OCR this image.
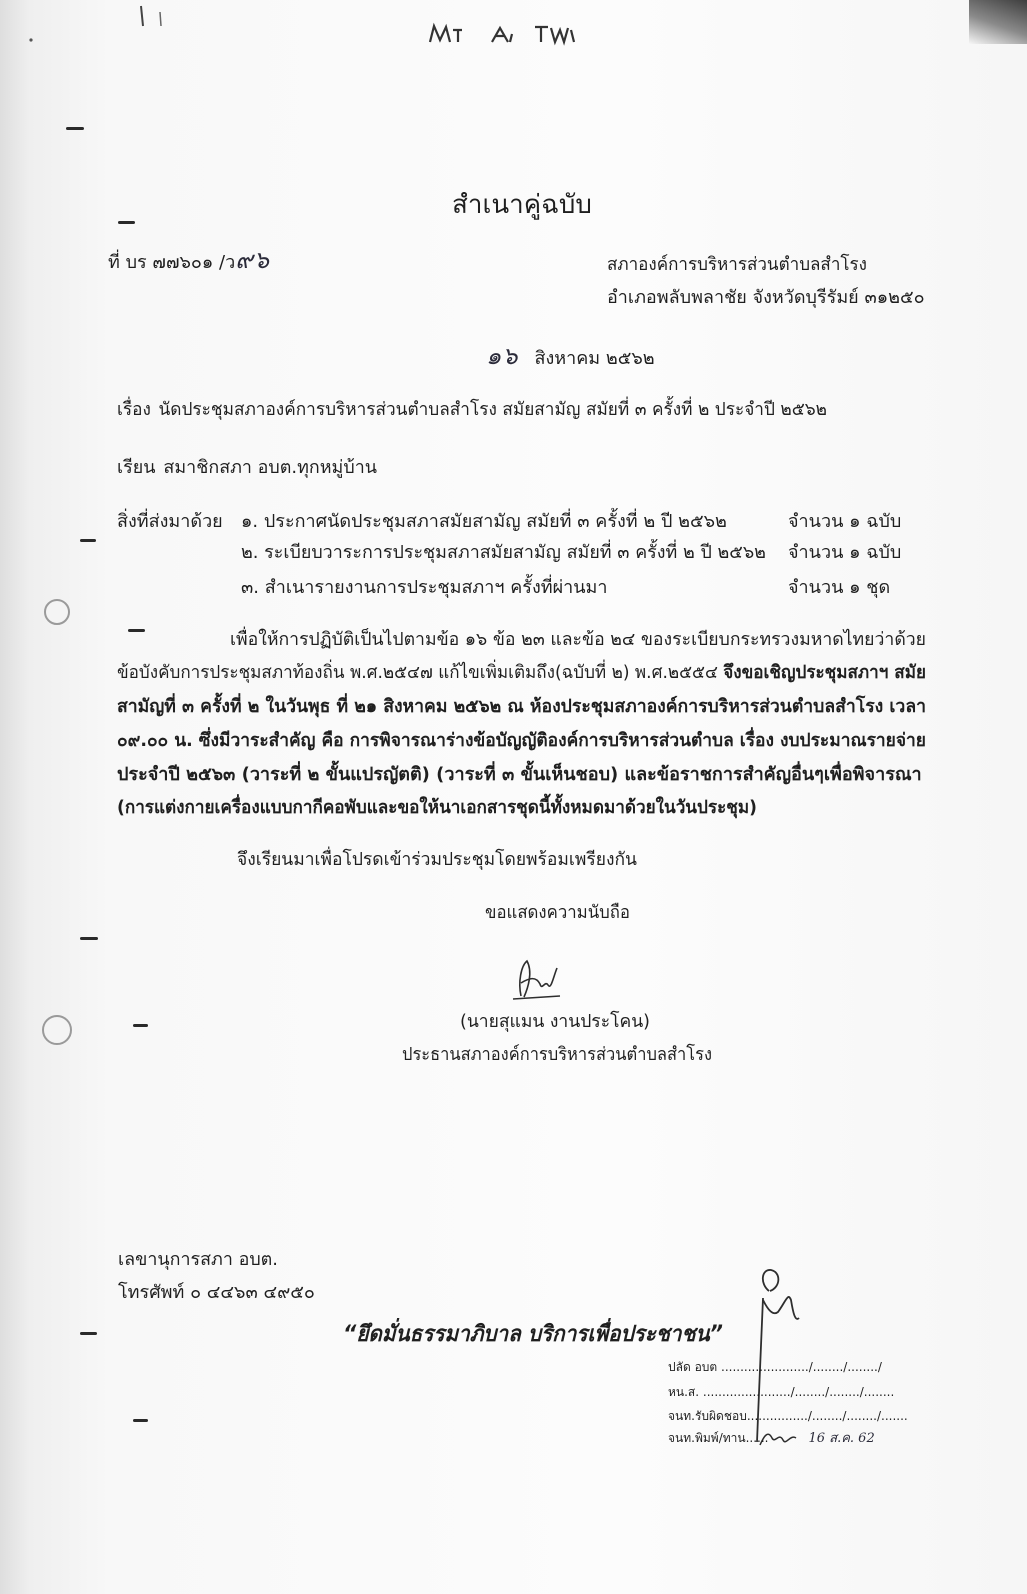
สำเนาคู่ฉบับ
ที่ บร ๗๗๖๐๑ /ว๙๖	สภาองค์การบริหารส่วนตำบลสำโรง
อำเภอพลับพลาชัย จังหวัดบุรีรัมย์ ๓๑๒๕๐
๑๖ สิงหาคม ๒๕๖๒
เรื่อง นัดประชุมสภาองค์การบริหารส่วนตำบลสำโรง สมัยสามัญ สมัยที่ ๓ ครั้งที่ ๒ ประจำปี ๒๕๖๒
เรียน สมาชิกสภา อบต.ทุกหมู่บ้าน
สิ่งที่ส่งมาด้วย	๑. ประกาศนัดประชุมสภาสมัยสามัญ สมัยที่ ๓ ครั้งที่ ๒ ปี ๒๕๖๒	จำนวน ๑ ฉบับ
๒. ระเบียบวาระการประชุมสภาสมัยสามัญ สมัยที่ ๓ ครั้งที่ ๒ ปี ๒๕๖๒ จำนวน ๑ ฉบับ
๓. สำเนารายงานการประชุมสภาฯ ครั้งที่ผ่านมา	จำนวน ๑ ชุด
เพื่อให้การปฏิบัติเป็นไปตามข้อ ๑๖ ข้อ ๒๓ และข้อ ๒๔ ของระเบียบกระทรวงมหาดไทยว่าด้วย
ข้อบังคับการประชุมสภาท้องถิ่น พ.ศ.๒๕๔๗ แก้ไขเพิ่มเติมถึง(ฉบับที่ ๒) พ.ศ.๒๕๕๔ จึงขอเชิญประชุมสภาฯ สมัย
สามัญที่ ๓ ครั้งที่ ๒ ในวันพุธ ที่ ๒๑ สิงหาคม ๒๕๖๒ ณ ห้องประชุมสภาองค์การบริหารส่วนตำบลสำโรง เวลา
๐๙.๐๐ น. ซึ่งมีวาระสำคัญ คือ การพิจารณาร่างข้อบัญญัติองค์การบริหารส่วนตำบล เรื่อง งบประมาณรายจ่าย
ประจำปี ๒๕๖๓ (วาระที่ ๒ ขั้นแปรญัตติ) (วาระที่ ๓ ขั้นเห็นชอบ) และข้อราชการสำคัญอื่นๆเพื่อพิจารณา
(การแต่งกายเครื่องแบบกากีคอพับและขอให้นาเอกสารชุดนี้ทั้งหมดมาด้วยในวันประชุม)
จึงเรียนมาเพื่อโปรดเข้าร่วมประชุมโดยพร้อมเพรียงกัน
ขอแสดงความนับถือ
(นายสุแมน งานประโคน)
ประธานสภาองค์การบริหารส่วนตำบลสำโรง
เลขานุการสภา อบต.
โทรศัพท์ ๐ ๔๔๖๓ ๔๙๕๐
“ยึดมั่นธรรมาภิบาล บริการเพื่อประชาชน”
ปลัด อบต ......................./......../......../
หน.ส. ......................./......../......../........
จนท.รับผิดชอบ................/......../......../.......
จนท.พิมพ์/ทาน......	16 ส.ค. 62
